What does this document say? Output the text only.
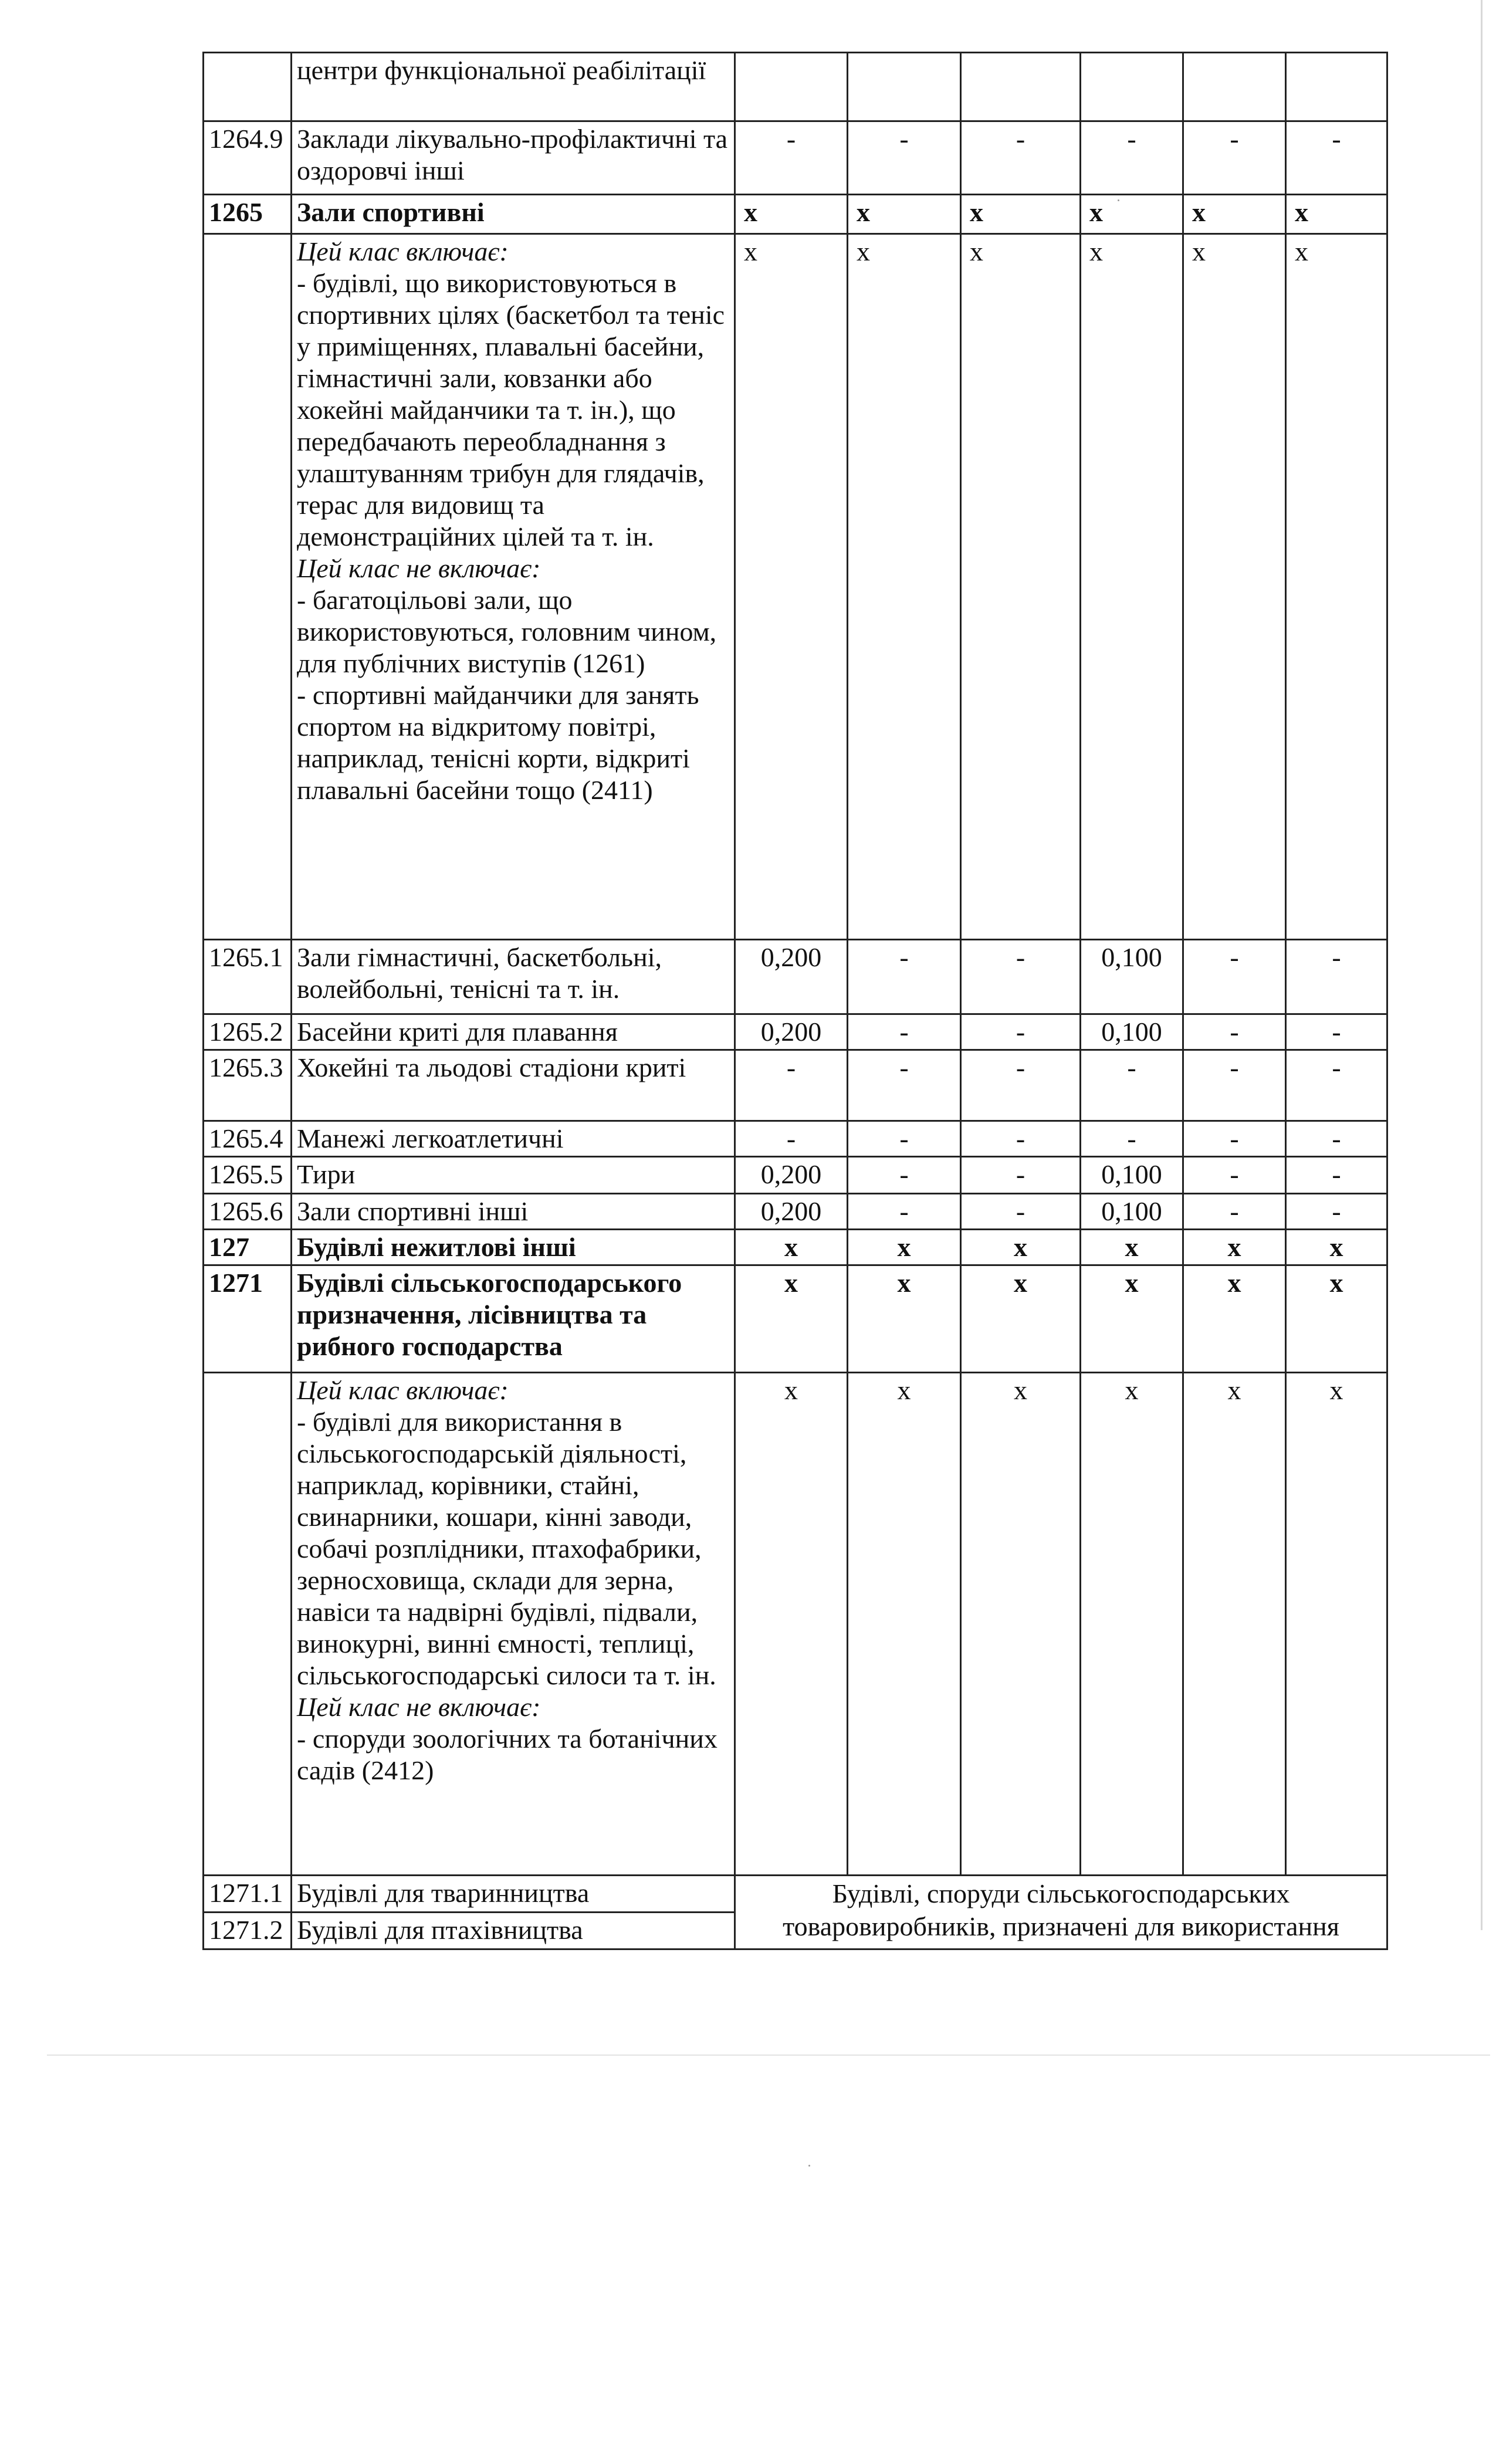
	центри функціональної реабілітації						
1264.9	Заклади лікувально-профілактичні та оздоровчі інші	-	-	-	-	-	-
1265	Зали спортивні	х	х	х	х	х	х

	Цей клас включає:
- будівлі, що використовуються в спортивних цілях (баскетбол та теніс у приміщеннях, плавальні басейни, гімнастичні зали, ковзанки або хокейні майданчики та т. ін.), що передбачають переобладнання з улаштуванням трибун для глядачів, терас для видовищ та демонстраційних цілей та т. ін.
Цей клас не включає:
- багатоцільові зали, що використовуються, головним чином, для публічних виступів (1261)
- спортивні майданчики для занять спортом на відкритому повітрі, наприклад, тенісні корти, відкриті плавальні басейни тощо (2411)	х	х	х	х	х	х
1265.1	Зали гімнастичні, баскетбольні, волейбольні, тенісні та т. ін.	0,200	-	-	0,100	-	-
1265.2	Басейни криті для плавання	0,200	-	-	0,100	-	-
1265.3	Хокейні та льодові стадіони криті	-	-	-	-	-	-
1265.4	Манежі легкоатлетичні	-	-	-	-	-	-
1265.5	Тири	0,200	-	-	0,100	-	-
1265.6	Зали спортивні інші	0,200	-	-	0,100	-	-
127	Будівлі нежитлові інші	х	х	х	х	х	х
1271	Будівлі сільськогосподарського призначення, лісівництва та рибного господарства	х	х	х	х	х	х

	Цей клас включає:
- будівлі для використання в сільськогосподарській діяльності, наприклад, корівники, стайні, свинарники, кошари, кінні заводи, собачі розплідники, птахофабрики, зерносховища, склади для зерна, навіси та надвірні будівлі, підвали, винокурні, винні ємності, теплиці, сільськогосподарські силоси та т. ін.
Цей клас не включає:
- споруди зоологічних та ботанічних садів (2412)	х	х	х	х	х	х
1271.1	Будівлі для тваринництва	Будівлі, споруди сільськогосподарських товаровиробників, призначені для використання					
1271.2	Будівлі для птахівництва						
